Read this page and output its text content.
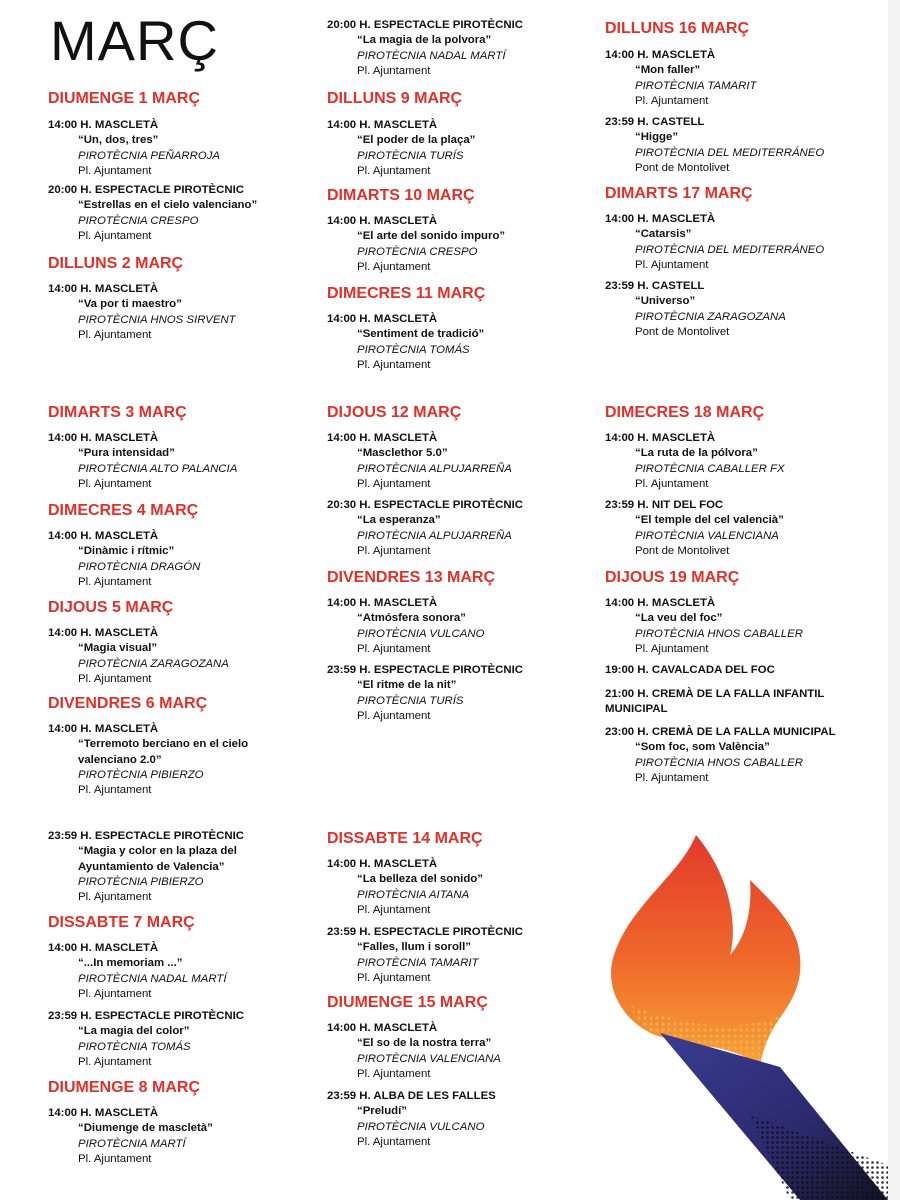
MARÇ
DIUMENGE 1 MARÇ
14:00 H. MASCLETÀ
“Un, dos, tres”
PIROTÈCNIA PEÑARROJA
Pl. Ajuntament
20:00 H. ESPECTACLE PIROTÈCNIC
“Estrellas en el cielo valenciano”
PIROTÈCNIA CRESPO
Pl. Ajuntament
DILLUNS 2 MARÇ
14:00 H. MASCLETÀ
“Va por ti maestro”
PIROTÈCNIA HNOS SIRVENT
Pl. Ajuntament
DIMARTS 3 MARÇ
14:00 H. MASCLETÀ
“Pura intensidad”
PIROTÈCNIA ALTO PALANCIA
Pl. Ajuntament
DIMECRES 4 MARÇ
14:00 H. MASCLETÀ
“Dinàmic i rítmic”
PIROTÈCNIA DRAGÓN
Pl. Ajuntament
DIJOUS 5 MARÇ
14:00 H. MASCLETÀ
“Magia visual”
PIROTÈCNIA ZARAGOZANA
Pl. Ajuntament
DIVENDRES 6 MARÇ
14:00 H. MASCLETÀ
“Terremoto berciano en el cielo valenciano 2.0”
PIROTÈCNIA PIBIERZO
Pl. Ajuntament
23:59 H. ESPECTACLE PIROTÈCNIC
“Magia y color en la plaza del Ayuntamiento de Valencia”
PIROTÈCNIA PIBIERZO
Pl. Ajuntament
DISSABTE 7 MARÇ
14:00 H. MASCLETÀ
“...In memoriam ...”
PIROTÈCNIA NADAL MARTÍ
Pl. Ajuntament
23:59 H. ESPECTACLE PIROTÈCNIC
“La magia del color”
PIROTÈCNIA TOMÁS
Pl. Ajuntament
DIUMENGE 8 MARÇ
14:00 H. MASCLETÀ
“Diumenge de mascletà”
PIROTÈCNIA MARTÍ
Pl. Ajuntament
20:00 H. ESPECTACLE PIROTÈCNIC
“La magia de la polvora”
PIROTÈCNIA NADAL MARTÍ
Pl. Ajuntament
DILLUNS 9 MARÇ
14:00 H. MASCLETÀ
“El poder de la plaça”
PIROTÈCNIA TURÍS
Pl. Ajuntament
DIMARTS 10 MARÇ
14:00 H. MASCLETÀ
“El arte del sonido impuro”
PIROTÈCNIA CRESPO
Pl. Ajuntament
DIMECRES 11 MARÇ
14:00 H. MASCLETÀ
“Sentiment de tradició”
PIROTÈCNIA TOMÁS
Pl. Ajuntament
DIJOUS 12 MARÇ
14:00 H. MASCLETÀ
“Masclethor 5.0”
PIROTÈCNIA ALPUJARREÑA
Pl. Ajuntament
20:30 H. ESPECTACLE PIROTÈCNIC
“La esperanza”
PIROTÈCNIA ALPUJARREÑA
Pl. Ajuntament
DIVENDRES 13 MARÇ
14:00 H. MASCLETÀ
“Atmósfera sonora”
PIROTÈCNIA VULCANO
Pl. Ajuntament
23:59 H. ESPECTACLE PIROTÈCNIC
“El ritme de la nit”
PIROTÈCNIA TURÍS
Pl. Ajuntament
DISSABTE 14 MARÇ
14:00 H. MASCLETÀ
“La belleza del sonido”
PIROTÈCNIA AITANA
Pl. Ajuntament
23:59 H. ESPECTACLE PIROTÈCNIC
“Falles, llum i soroll”
PIROTÈCNIA TAMARIT
Pl. Ajuntament
DIUMENGE 15 MARÇ
14:00 H. MASCLETÀ
“El so de la nostra terra”
PIROTÈCNIA VALENCIANA
Pl. Ajuntament
23:59 H. ALBA DE LES FALLES
“Preludí”
PIROTÈCNIA VULCANO
Pl. Ajuntament
DILLUNS 16 MARÇ
14:00 H. MASCLETÀ
“Mon faller”
PIROTÈCNIA TAMARIT
Pl. Ajuntament
23:59 H. CASTELL
“Higge”
PIROTÈCNIA DEL MEDITERRÁNEO
Pont de Montolivet
DIMARTS 17 MARÇ
14:00 H. MASCLETÀ
“Catarsis”
PIROTÈCNIA DEL MEDITERRÁNEO
Pl. Ajuntament
23:59 H. CASTELL
“Universo”
PIROTÈCNIA ZARAGOZANA
Pont de Montolivet
DIMECRES 18 MARÇ
14:00 H. MASCLETÀ
“La ruta de la pólvora”
PIROTÈCNIA CABALLER FX
Pl. Ajuntament
23:59 H. NIT DEL FOC
“El temple del cel valencià”
PIROTÈCNIA VALENCIANA
Pont de Montolivet
DIJOUS 19 MARÇ
14:00 H. MASCLETÀ
“La veu del foc”
PIROTÈCNIA HNOS CABALLER
Pl. Ajuntament
19:00 H. CAVALCADA DEL FOC
21:00 H. CREMÀ DE LA FALLA INFANTIL MUNICIPAL
23:00 H. CREMÀ DE LA FALLA MUNICIPAL
“Som foc, som València”
PIROTÈCNIA HNOS CABALLER
Pl. Ajuntament
